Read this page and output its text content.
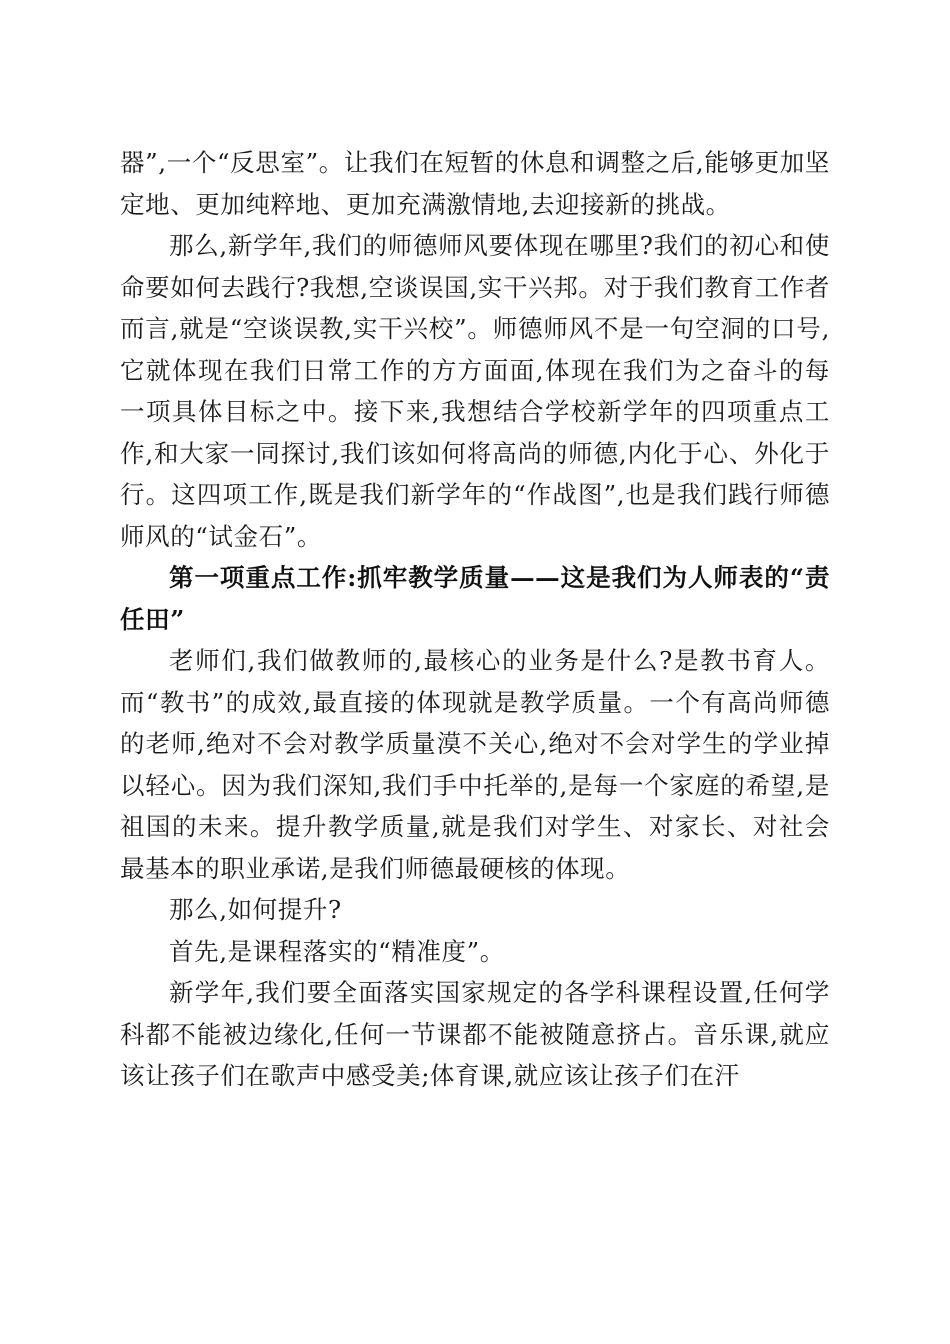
器”,一个“反思室”。让我们在短暂的休息和调整之后,能够更加坚定地、更加纯粹地、更加充满激情地,去迎接新的挑战。

那么,新学年,我们的师德师风要体现在哪里?我们的初心和使命要如何去践行?我想,空谈误国,实干兴邦。对于我们教育工作者而言,就是“空谈误教,实干兴校”。师德师风不是一句空洞的口号,它就体现在我们日常工作的方方面面,体现在我们为之奋斗的每一项具体目标之中。接下来,我想结合学校新学年的四项重点工作,和大家一同探讨,我们该如何将高尚的师德,内化于心、外化于行。这四项工作,既是我们新学年的“作战图”,也是我们践行师德师风的“试金石”。

第一项重点工作:抓牢教学质量——这是我们为人师表的“责任田”

老师们,我们做教师的,最核心的业务是什么?是教书育人。而“教书”的成效,最直接的体现就是教学质量。一个有高尚师德的老师,绝对不会对教学质量漠不关心,绝对不会对学生的学业掉以轻心。因为我们深知,我们手中托举的,是每一个家庭的希望,是祖国的未来。提升教学质量,就是我们对学生、对家长、对社会最基本的职业承诺,是我们师德最硬核的体现。

那么,如何提升?

首先,是课程落实的“精准度”。

新学年,我们要全面落实国家规定的各学科课程设置,任何学科都不能被边缘化,任何一节课都不能被随意挤占。音乐课,就应该让孩子们在歌声中感受美;体育课,就应该让孩子们在汗
